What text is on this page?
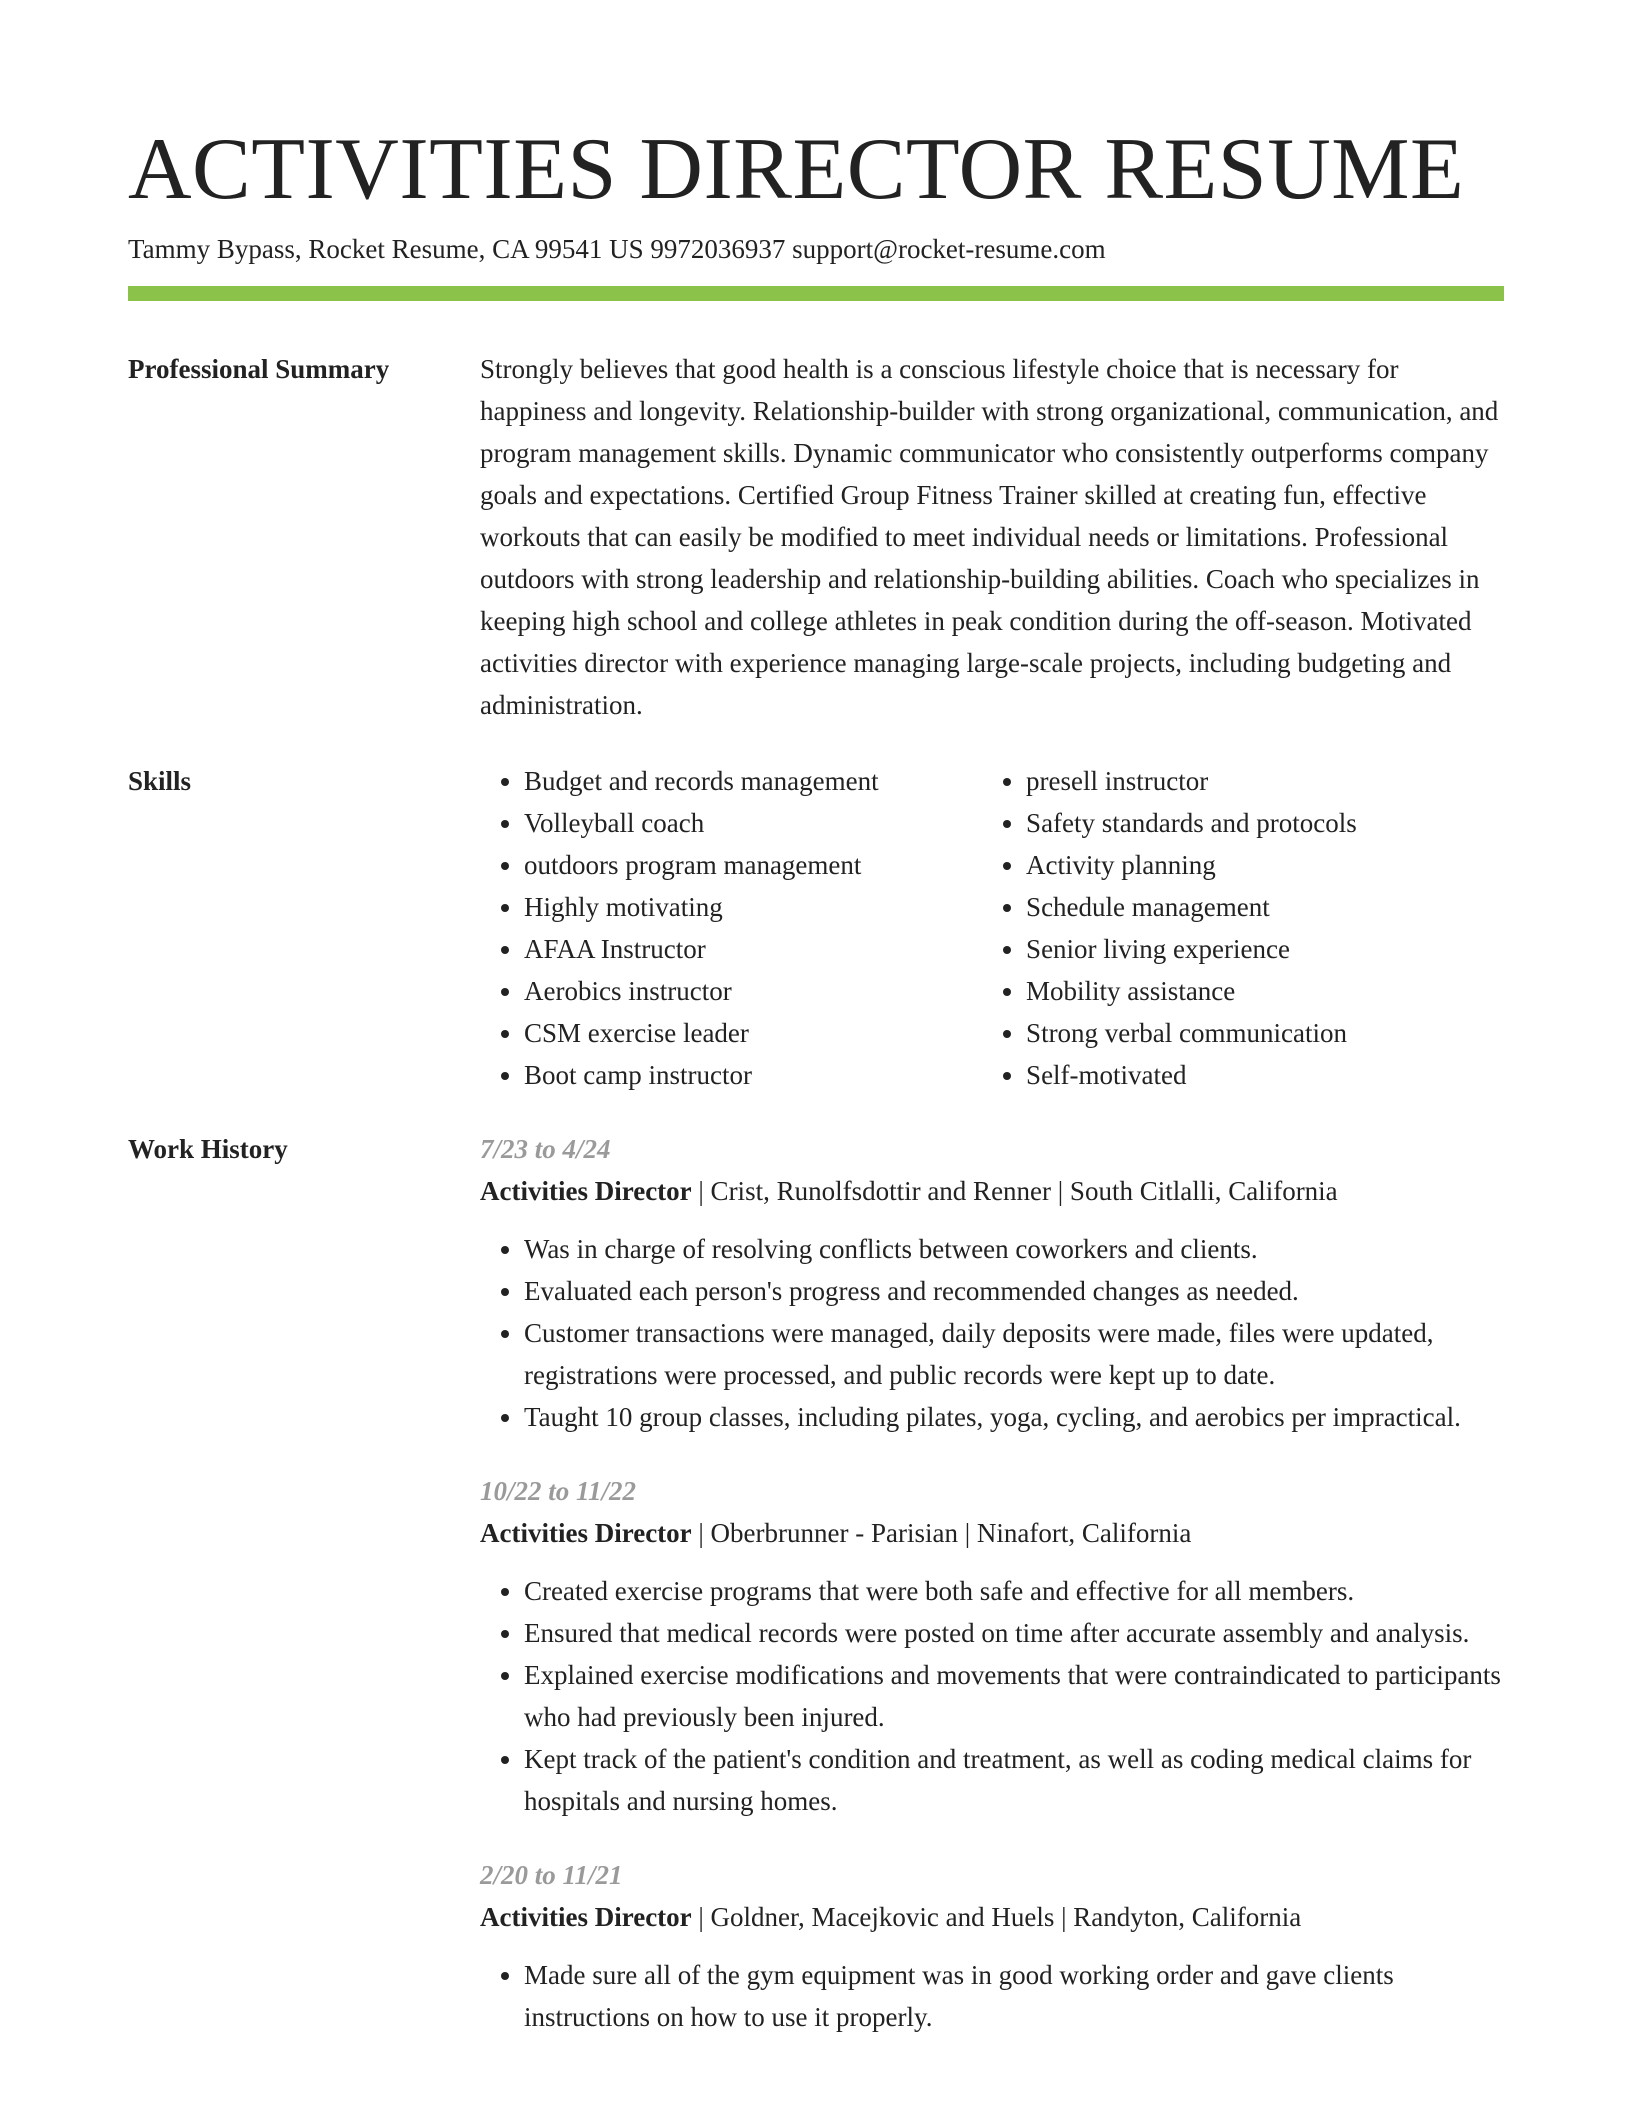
ACTIVITIES DIRECTOR RESUME
Tammy Bypass, Rocket Resume, CA 99541 US 9972036937 support@rocket-resume.com
Professional Summary	Strongly believes that good health is a conscious lifestyle choice that is necessary for happiness and longevity. Relationship-builder with strong organizational, communication, and program management skills. Dynamic communicator who consistently outperforms company goals and expectations. Certified Group Fitness Trainer skilled at creating fun, effective workouts that can easily be modified to meet individual needs or limitations. Professional outdoors with strong leadership and relationship-building abilities. Coach who specializes in keeping high school and college athletes in peak condition during the off-season. Motivated activities director with experience managing large-scale projects, including budgeting and administration.

Skills
•	Budget and records management
• Volleyball coach
• outdoors program management
• Highly motivating
• AFAA Instructor
• Aerobics instructor
• CSM exercise leader
• Boot camp instructor
• presell instructor
• Safety standards and protocols
• Activity planning
• Schedule management
• Senior living experience
• Mobility assistance
• Strong verbal communication
• Self-motivated
Work History	7/23 to 4/24
Activities Director | Crist, Runolfsdottir and Renner | South Citlalli, California
• Was in charge of resolving conflicts between coworkers and clients.
• Evaluated each person's progress and recommended changes as needed.
• Customer transactions were managed, daily deposits were made, files were updated, registrations were processed, and public records were kept up to date.
• Taught 10 group classes, including pilates, yoga, cycling, and aerobics per impractical.
10/22 to 11/22
Activities Director | Oberbrunner - Parisian | Ninafort, California
• Created exercise programs that were both safe and effective for all members.
• Ensured that medical records were posted on time after accurate assembly and analysis.
• Explained exercise modifications and movements that were contraindicated to participants who had previously been injured.
• Kept track of the patient's condition and treatment, as well as coding medical claims for hospitals and nursing homes.
2/20 to 11/21
Activities Director | Goldner, Macejkovic and Huels | Randyton, California
• Made sure all of the gym equipment was in good working order and gave clients instructions on how to use it properly.
